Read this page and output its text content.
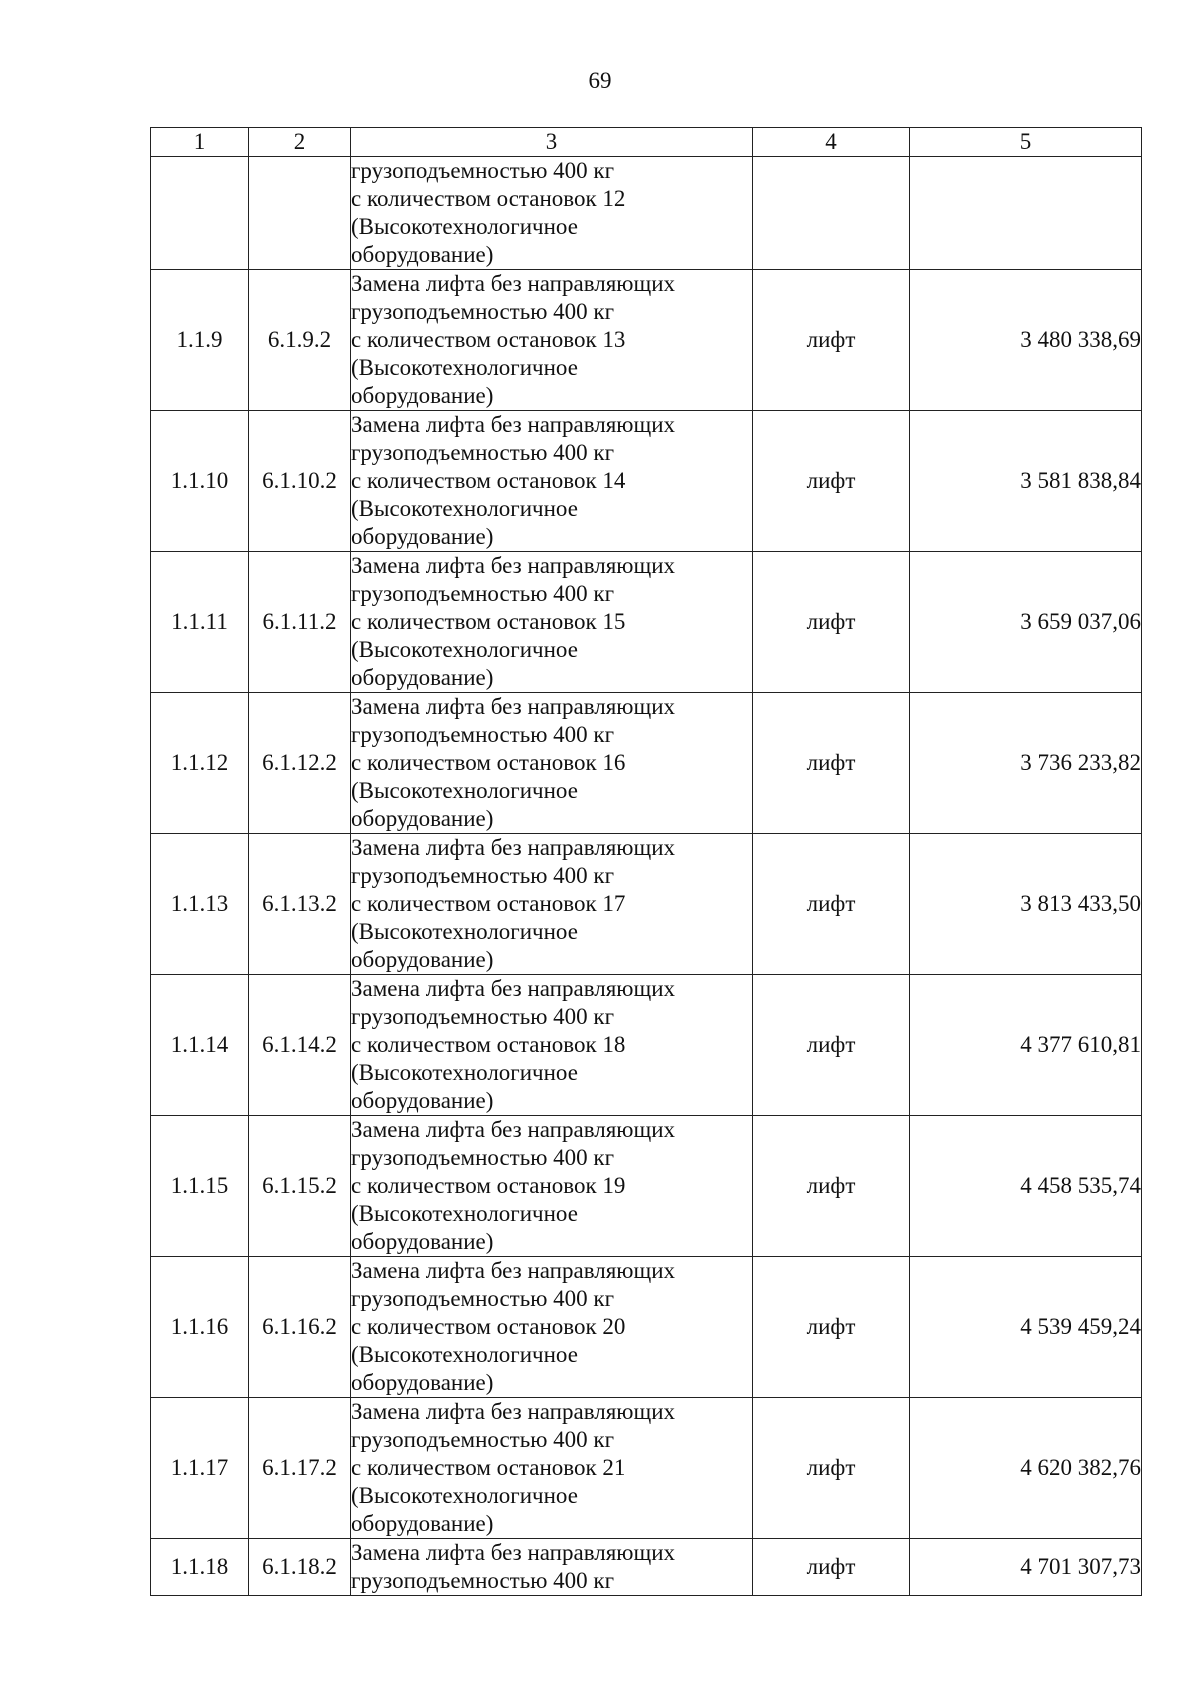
69
1	2	3	4	5

		грузоподъемностью 400 кг
с количеством остановок 12
(Высокотехнологичное
оборудование)		

1.1.9	6.1.9.2	Замена лифта без направляющих
грузоподъемностью 400 кг
с количеством остановок 13
(Высокотехнологичное
оборудование)	лифт	3 480 338,69
1.1.10	6.1.10.2	Замена лифта без направляющих
грузоподъемностью 400 кг
с количеством остановок 14
(Высокотехнологичное
оборудование)	лифт	3 581 838,84
1.1.11	6.1.11.2	Замена лифта без направляющих
грузоподъемностью 400 кг
с количеством остановок 15
(Высокотехнологичное
оборудование)	лифт	3 659 037,06
1.1.12	6.1.12.2	Замена лифта без направляющих
грузоподъемностью 400 кг
с количеством остановок 16
(Высокотехнологичное
оборудование)	лифт	3 736 233,82
1.1.13	6.1.13.2	Замена лифта без направляющих
грузоподъемностью 400 кг
с количеством остановок 17
(Высокотехнологичное
оборудование)	лифт	3 813 433,50
1.1.14	6.1.14.2	Замена лифта без направляющих
грузоподъемностью 400 кг
с количеством остановок 18
(Высокотехнологичное
оборудование)	лифт	4 377 610,81
1.1.15	6.1.15.2	Замена лифта без направляющих
грузоподъемностью 400 кг
с количеством остановок 19
(Высокотехнологичное
оборудование)	лифт	4 458 535,74
1.1.16	6.1.16.2	Замена лифта без направляющих
грузоподъемностью 400 кг
с количеством остановок 20
(Высокотехнологичное
оборудование)	лифт	4 539 459,24
1.1.17	6.1.17.2	Замена лифта без направляющих
грузоподъемностью 400 кг
с количеством остановок 21
(Высокотехнологичное
оборудование)	лифт	4 620 382,76
1.1.18	6.1.18.2	Замена лифта без направляющих
грузоподъемностью 400 кг	лифт	4 701 307,73
